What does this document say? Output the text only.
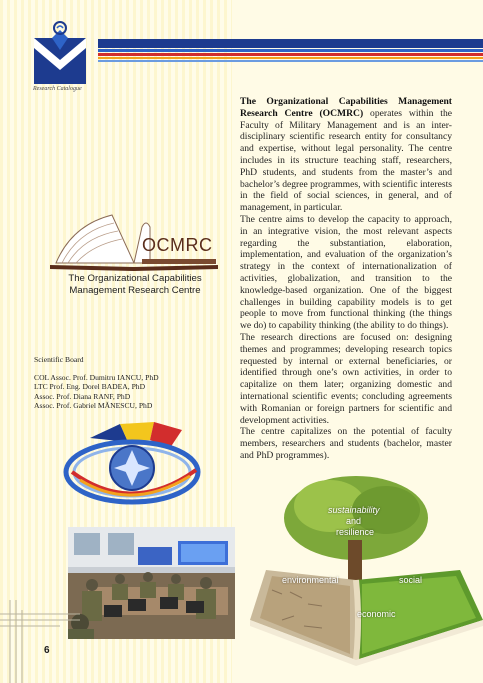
Research Catalogue

The Organizational Capabilities Management Research Centre (OCMRC) operates within the Faculty of Military Management and is an inter-disciplinary scientific research entity for consultancy and expertise, without legal personality. The centre includes in its structure teaching staff, researchers, PhD students, and students from the master’s and bachelor’s degree programmes, with scientific interests in the field of social sciences, in general, and of management, in particular.

The centre aims to develop the capacity to approach, in an integrative vision, the most relevant aspects regarding the substantiation, elaboration, implementation, and evaluation of the organization’s strategy in the context of internationalization of activities, globalization, and transition to the knowledge-based organization. One of the biggest challenges in building capability models is to get people to move from functional thinking (the things we do) to capability thinking (the ability to do things).

The research directions are focused on: designing themes and programmes; developing research topics requested by internal or external beneficiaries, or identified through one’s own activities, in order to capitalize on them later; organizing domestic and international scientific events; concluding agreements with Romanian or foreign partners for scientific and development activities.

The centre capitalizes on the potential of faculty members, researchers and students (bachelor, master and PhD programmes).

OCMRC
The Organizational Capabilities
Management Research Centre
Scientific Board
COL Assoc. Prof. Dumitru IANCU, PhD
LTC Prof. Eng. Dorel BADEA, PhD
Assoc. Prof. Diana RANF, PhD
Assoc. Prof. Gabriel MĂNESCU, PhD
6
sustainability
and
resilience
environmental	social
economic
